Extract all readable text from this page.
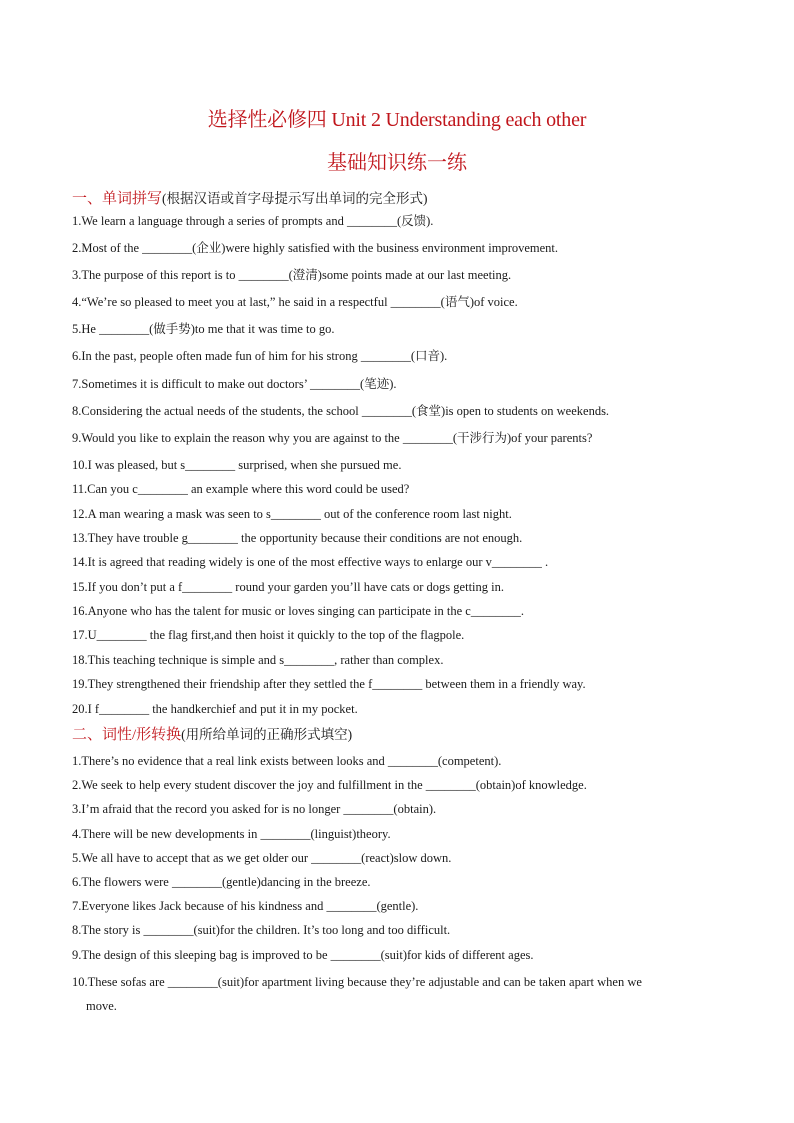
选择性必修四 Unit 2 Understanding each other
基础知识练一练
一、单词拼写(根据汉语或首字母提示写出单词的完全形式)
1.We learn a language through a series of prompts and ________(反馈).
2.Most of the ________(企业)were highly satisfied with the business environment improvement.
3.The purpose of this report is to ________(澄清)some points made at our last meeting.
4.“We’re so pleased to meet you at last,” he said in a respectful ________(语气)of voice.
5.He ________(做手势)to me that it was time to go.
6.In the past, people often made fun of him for his strong ________(口音).
7.Sometimes it is difficult to make out doctors’ ________(笔迹).
8.Considering the actual needs of the students, the school ________(食堂)is open to students on weekends.
9.Would you like to explain the reason why you are against to the ________(干涉行为)of your parents?
10.I was pleased, but s________ surprised, when she pursued me.
11.Can you c________ an example where this word could be used?
12.A man wearing a mask was seen to s________ out of the conference room last night.
13.They have trouble g________ the opportunity because their conditions are not enough.
14.It is agreed that reading widely is one of the most effective ways to enlarge our v________ .
15.If you don’t put a f________ round your garden you’ll have cats or dogs getting in.
16.Anyone who has the talent for music or loves singing can participate in the c________.
17.U________ the flag first,and then hoist it quickly to the top of the flagpole.
18.This teaching technique is simple and s________, rather than complex.
19.They strengthened their friendship after they settled the f________ between them in a friendly way.
20.I f________ the handkerchief and put it in my pocket.
二、词性/形转换(用所给单词的正确形式填空)
1.There’s no evidence that a real link exists between looks and ________(competent).
2.We seek to help every student discover the joy and fulfillment in the ________(obtain)of knowledge.
3.I’m afraid that the record you asked for is no longer ________(obtain).
4.There will be new developments in ________(linguist)theory.
5.We all have to accept that as we get older our ________(react)slow down.
6.The flowers were ________(gentle)dancing in the breeze.
7.Everyone likes Jack because of his kindness and ________(gentle).
8.The story is ________(suit)for the children. It’s too long and too difficult.
9.The design of this sleeping bag is improved to be ________(suit)for kids of different ages.
10.These sofas are ________(suit)for apartment living because they’re adjustable and can be taken apart when we
move.
